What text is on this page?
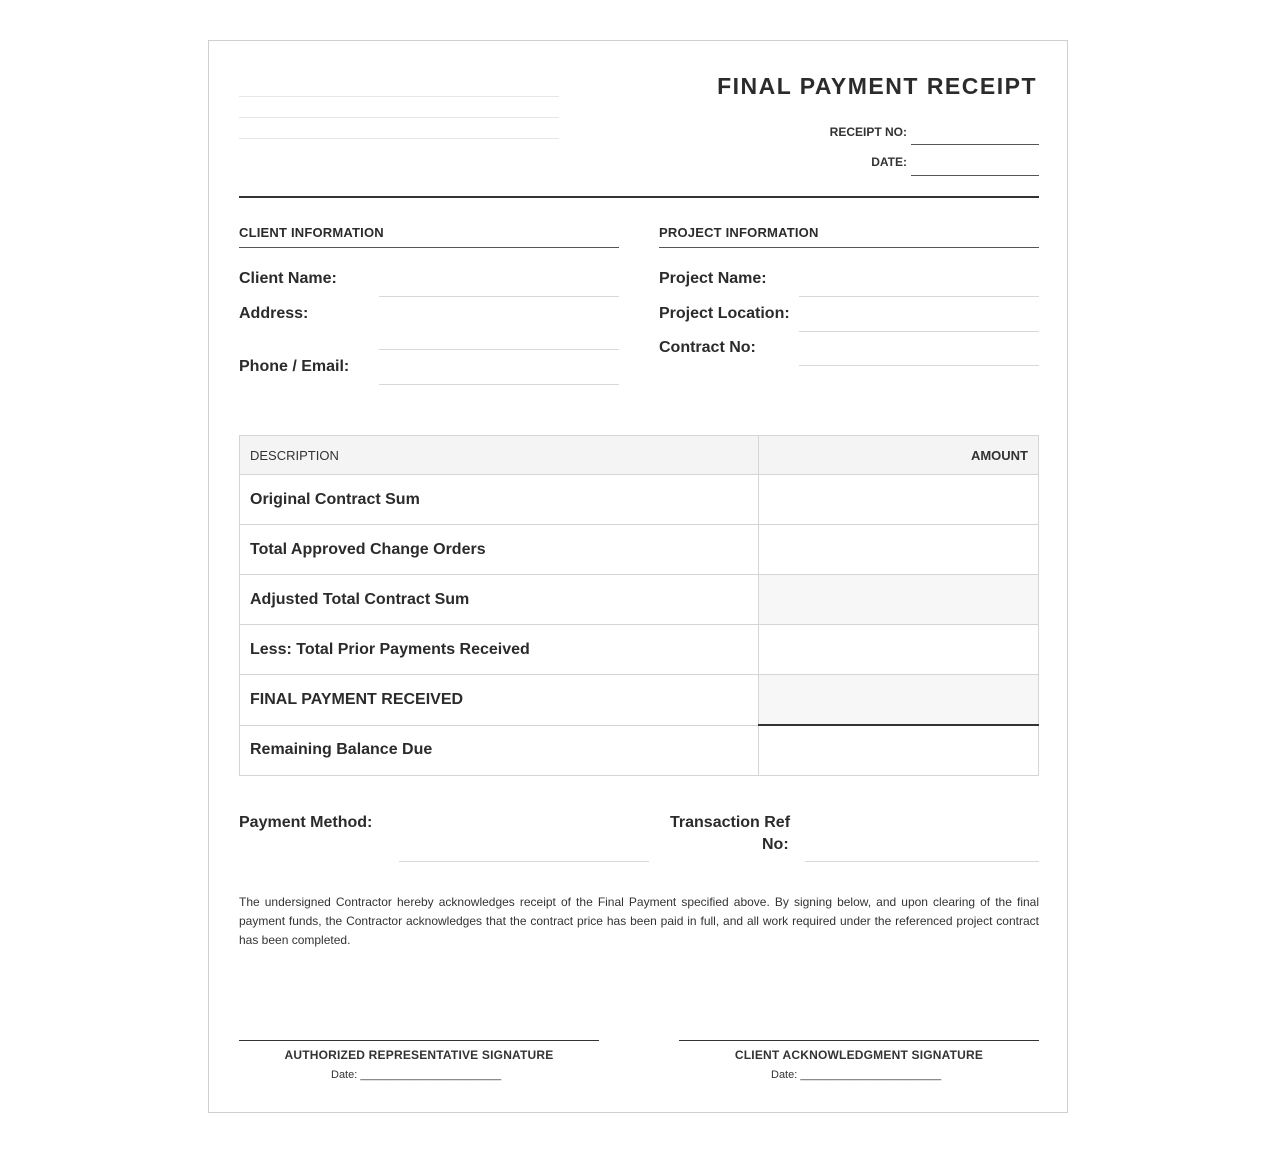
FINAL PAYMENT RECEIPT
RECEIPT NO:
DATE:
CLIENT INFORMATION
Client Name:
Address:
Phone / Email:
PROJECT INFORMATION
Project Name:
Project Location:
Contract No:
DESCRIPTION	AMOUNT
Original Contract Sum	
Total Approved Change Orders	
Adjusted Total Contract Sum	
Less: Total Prior Payments Received	
FINAL PAYMENT RECEIVED	
Remaining Balance Due	
Payment Method:	Transaction Ref
No:
The undersigned Contractor hereby acknowledges receipt of the Final Payment specified above. By signing below, and upon clearing of the final payment funds, the Contractor acknowledges that the contract price has been paid in full, and all work required under the referenced project contract has been completed.
AUTHORIZED REPRESENTATIVE SIGNATURE
Date: _______________________
CLIENT ACKNOWLEDGMENT SIGNATURE
Date: _______________________
